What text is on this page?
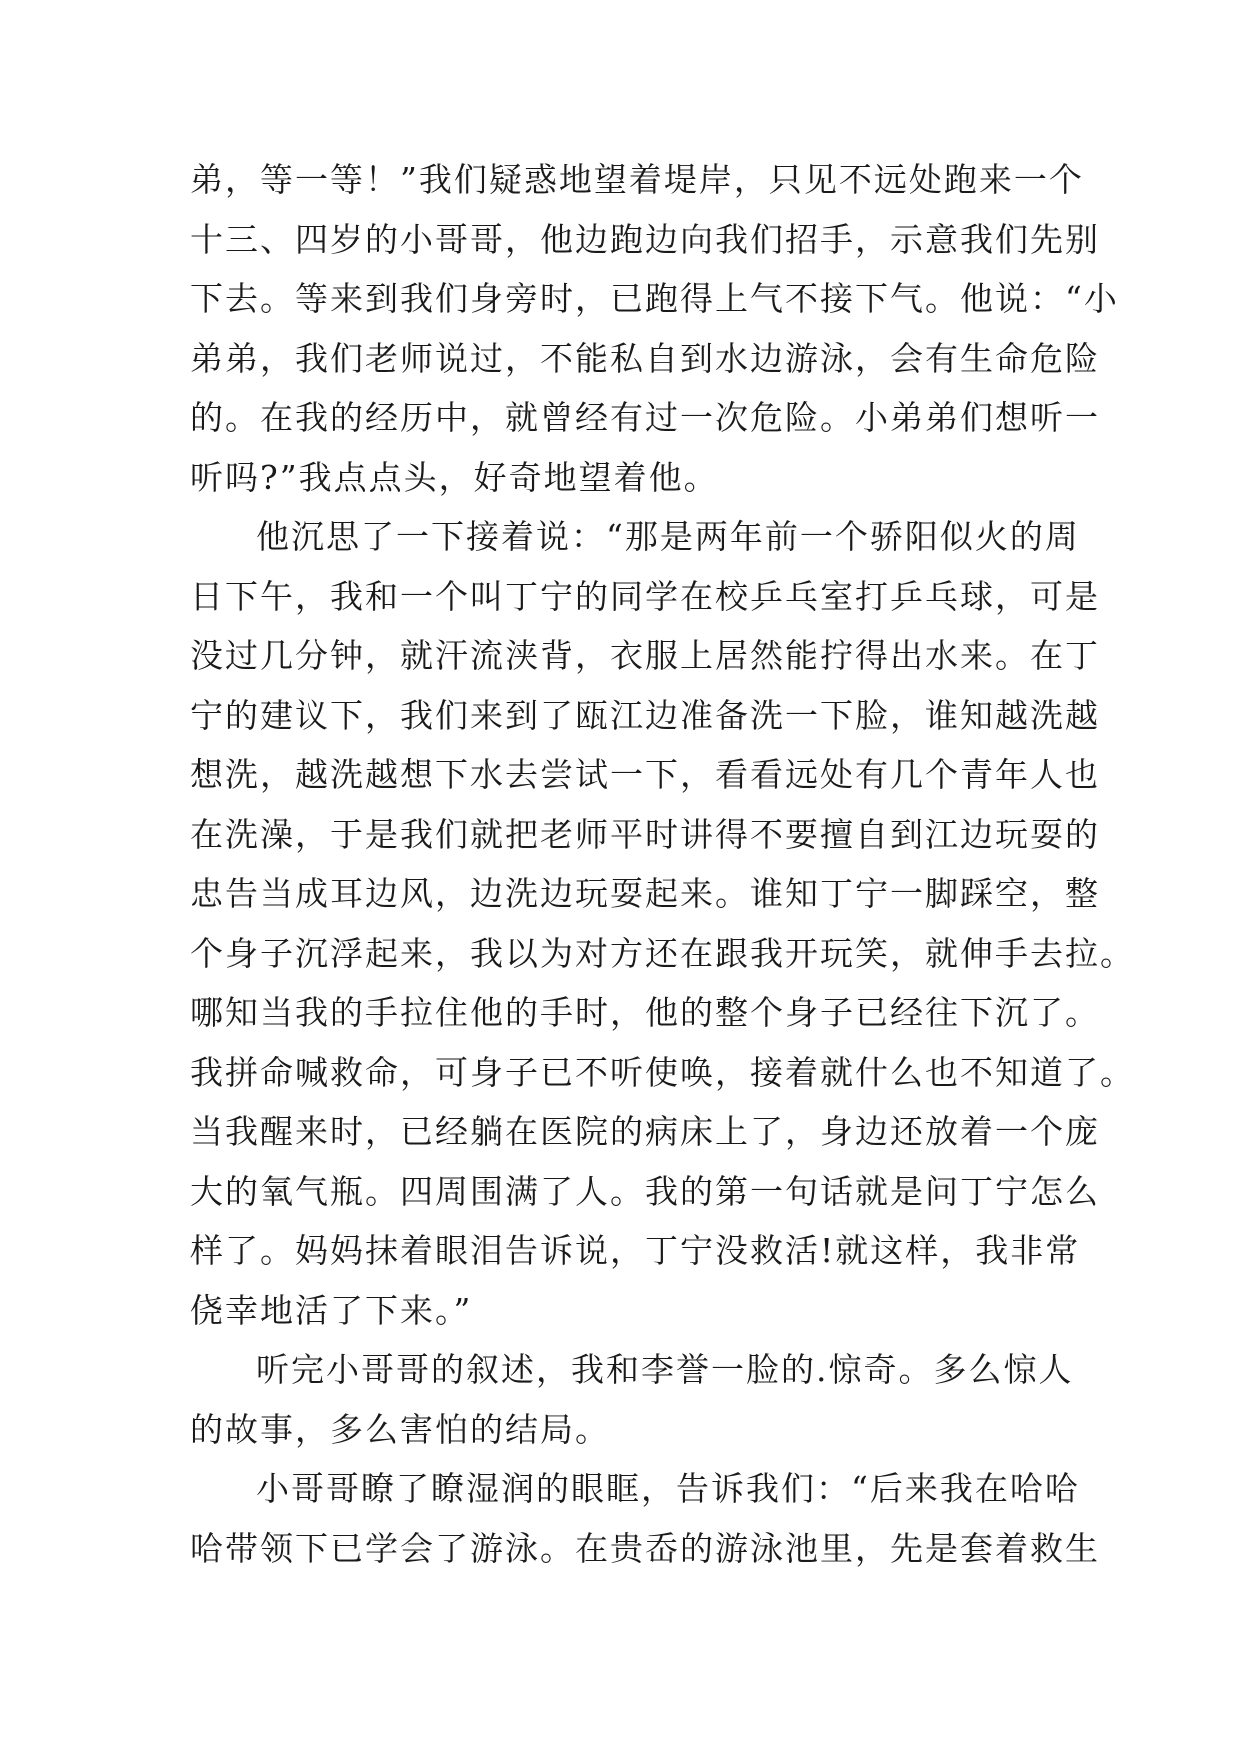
弟，等一等！”我们疑惑地望着堤岸，只见不远处跑来一个
十三、四岁的小哥哥，他边跑边向我们招手，示意我们先别
下去。等来到我们身旁时，已跑得上气不接下气。他说：“小
弟弟，我们老师说过，不能私自到水边游泳，会有生命危险
的。在我的经历中，就曾经有过一次危险。小弟弟们想听一
听吗?”我点点头，好奇地望着他。
他沉思了一下接着说：“那是两年前一个骄阳似火的周
日下午，我和一个叫丁宁的同学在校乒乓室打乒乓球，可是
没过几分钟，就汗流浃背，衣服上居然能拧得出水来。在丁
宁的建议下，我们来到了瓯江边准备洗一下脸，谁知越洗越
想洗，越洗越想下水去尝试一下，看看远处有几个青年人也
在洗澡，于是我们就把老师平时讲得不要擅自到江边玩耍的
忠告当成耳边风，边洗边玩耍起来。谁知丁宁一脚踩空，整
个身子沉浮起来，我以为对方还在跟我开玩笑，就伸手去拉。
哪知当我的手拉住他的手时，他的整个身子已经往下沉了。
我拼命喊救命，可身子已不听使唤，接着就什么也不知道了。
当我醒来时，已经躺在医院的病床上了，身边还放着一个庞
大的氧气瓶。四周围满了人。我的第一句话就是问丁宁怎么
样了。妈妈抹着眼泪告诉说，丁宁没救活!就这样，我非常
侥幸地活了下来。”
听完小哥哥的叙述，我和李誉一脸的.惊奇。多么惊人
的故事，多么害怕的结局。
小哥哥瞭了瞭湿润的眼眶，告诉我们：“后来我在哈哈
哈带领下已学会了游泳。在贵岙的游泳池里，先是套着救生
